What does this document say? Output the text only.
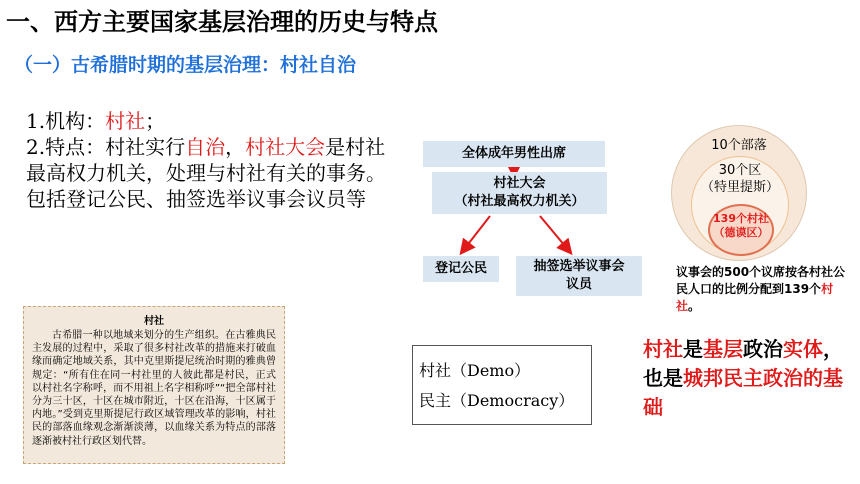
一、西方主要国家基层治理的历史与特点
（一）古希腊时期的基层治理：村社自治
1.机构：村社；
2.特点：村社实行自治，村社大会是村社最高权力机关，处理与村社有关的事务。包括登记公民、抽签选举议事会议员等
全体成年男性出席
村社大会
（村社最高权力机关）
登记公民	抽签选举议事会
议员
10个部落
30个区
（特里提斯）
139个村社
（德谟区）
议事会的500个议席按各村社公民人口的比例分配到139个村社。
村社
古希腊一种以地域来划分的生产组织。在古雅典民主发展的过程中，采取了很多村社改革的措施来打破血缘而确定地域关系，其中克里斯提尼统治时期的雅典曾规定：“所有住在同一村社里的人彼此都是村民，正式以村社名字称呼，而不用祖上名字相称呼”“把全部村社分为三十区，十区在城市附近，十区在沿海，十区属于内地。”受到克里斯提尼行政区域管理改革的影响，村社民的部落血缘观念渐渐淡薄，以血缘关系为特点的部落逐渐被村社行政区划代替。
村社（Demo）
民主（Democracy）
村社是基层政治实体，也是城邦民主政治的基础
